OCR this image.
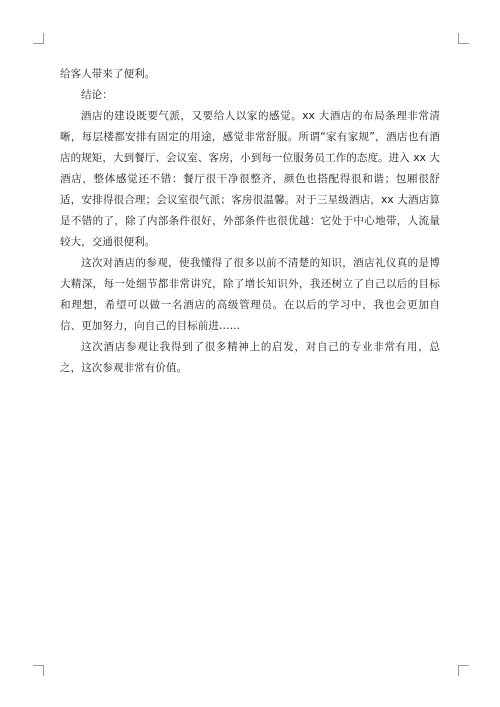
给客人带来了便利。

结论：

酒店的建设既要气派，又要给人以家的感觉。xx 大酒店的布局条理非常清晰，每层楼都安排有固定的用途，感觉非常舒服。所谓“家有家规”，酒店也有酒店的规矩，大到餐厅、会议室、客房，小到每一位服务员工作的态度。进入 xx 大酒店，整体感觉还不错：餐厅很干净很整齐，颜色也搭配得很和谐；包厢很舒适，安排得很合理；会议室很气派；客房很温馨。对于三星级酒店，xx 大酒店算是不错的了，除了内部条件很好，外部条件也很优越：它处于中心地带，人流量较大，交通很便利。

这次对酒店的参观，使我懂得了很多以前不清楚的知识，酒店礼仪真的是博大精深，每一处细节都非常讲究，除了增长知识外，我还树立了自己以后的目标和理想，希望可以做一名酒店的高级管理员。在以后的学习中，我也会更加自信、更加努力，向自己的目标前进……

这次酒店参观让我得到了很多精神上的启发，对自己的专业非常有用，总之，这次参观非常有价值。
